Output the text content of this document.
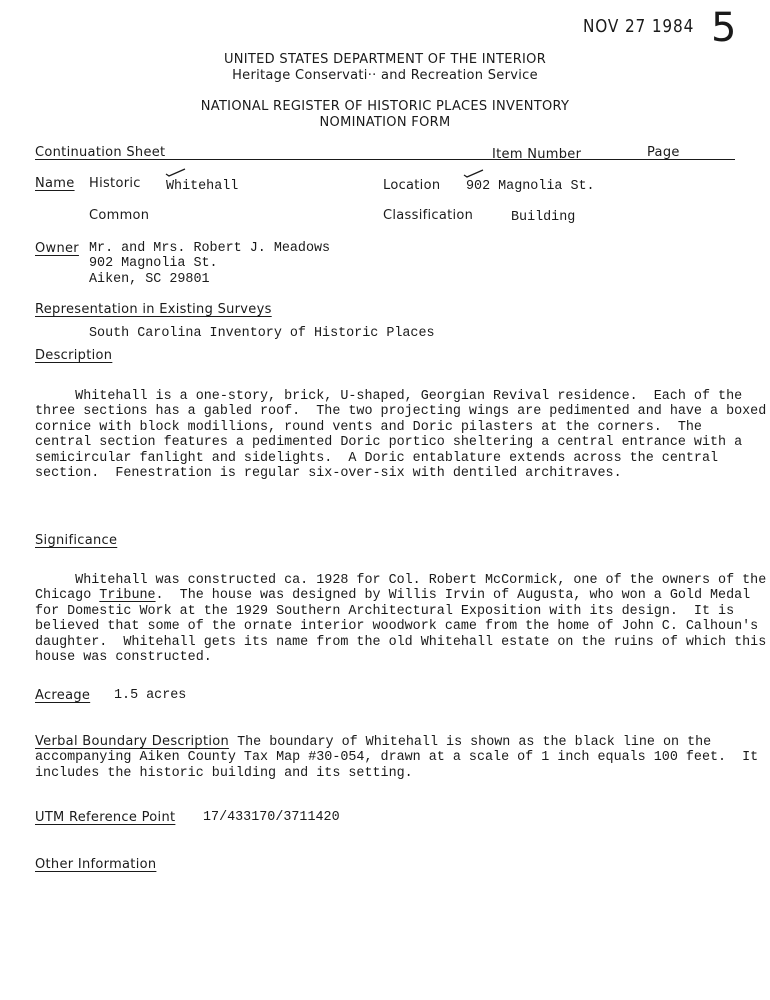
NOV 27 1984 5
UNITED STATES DEPARTMENT OF THE INTERIOR
Heritage Conservati·· and Recreation Service
NATIONAL REGISTER OF HISTORIC PLACES INVENTORY
NOMINATION FORM
Continuation Sheet	Item Number	Page
Name Historic Whitehall	Location 902 Magnolia St.
Common	Classification	Building
Owner Mr. and Mrs. Robert J. Meadows
902 Magnolia St.
Aiken, SC 29801
Representation in Existing Surveys
South Carolina Inventory of Historic Places
Description

Whitehall is a one-story, brick, U-shaped, Georgian Revival residence.  Each of the
three sections has a gabled roof.  The two projecting wings are pedimented and have a boxed
cornice with block modillions, round vents and Doric pilasters at the corners.  The
central section features a pedimented Doric portico sheltering a central entrance with a
semicircular fanlight and sidelights.  A Doric entablature extends across the central
section.  Fenestration is regular six-over-six with dentiled architraves.

Significance

Whitehall was constructed ca. 1928 for Col. Robert McCormick, one of the owners of the
Chicago Tribune.  The house was designed by Willis Irvin of Augusta, who won a Gold Medal
for Domestic Work at the 1929 Southern Architectural Exposition with its design.  It is
believed that some of the ornate interior woodwork came from the home of John C. Calhoun's
daughter.  Whitehall gets its name from the old Whitehall estate on the ruins of which this
house was constructed.

Acreage 1.5 acres

Verbal Boundary Description The boundary of Whitehall is shown as the black line on the
accompanying Aiken County Tax Map #30-054, drawn at a scale of 1 inch equals 100 feet.  It
includes the historic building and its setting.

UTM Reference Point 17/433170/3711420
Other Information
